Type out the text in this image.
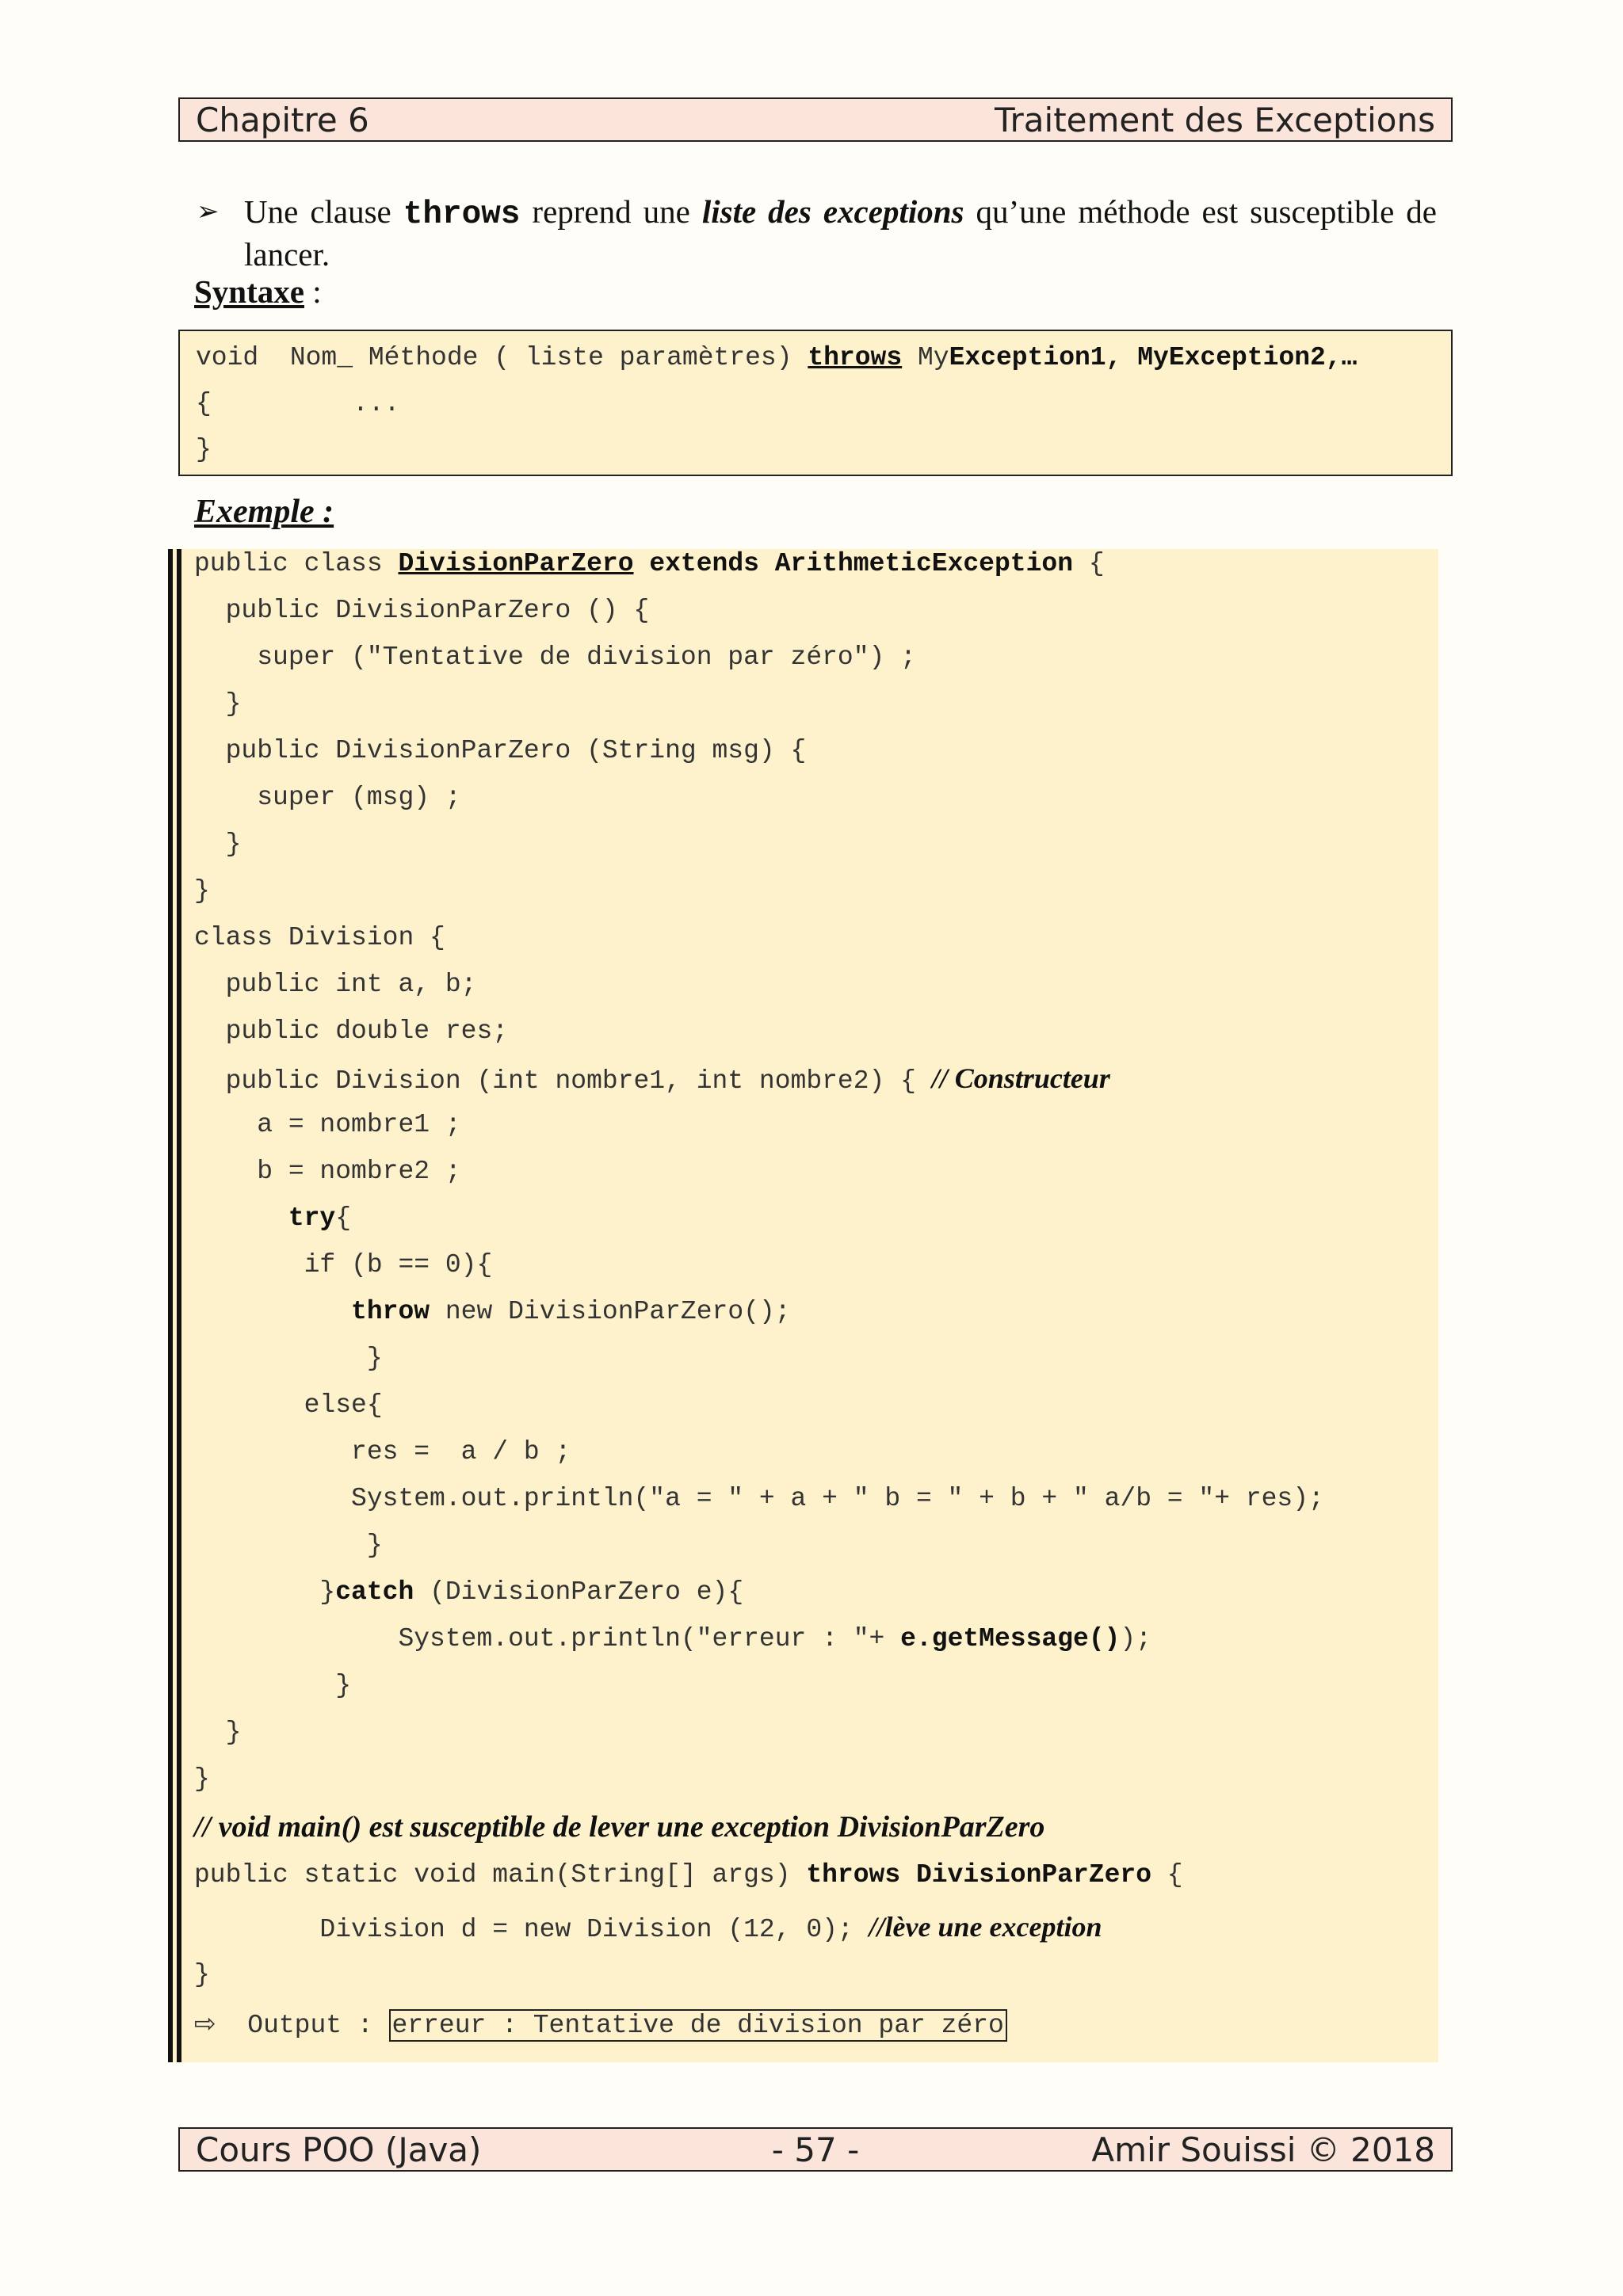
Chapitre 6	Traitement des Exceptions
➢ Une clause throws reprend une liste des exceptions qu’une méthode est susceptible de lancer.
Syntaxe :
void  Nom_ Méthode ( liste paramètres) throws MyException1, MyException2,…
{         ...
}
Exemple :
public class DivisionParZero extends ArithmeticException {
public DivisionParZero () {
super ("Tentative de division par zéro") ;
}
public DivisionParZero (String msg) {
super (msg) ;
}
}
class Division {
public int a, b;
public double res;
public Division (int nombre1, int nombre2) { // Constructeur
a = nombre1 ;
b = nombre2 ;
try{
if (b == 0){
throw new DivisionParZero();
}
else{
res =  a / b ;
System.out.println("a = " + a + " b = " + b + " a/b = "+ res);
}
}catch (DivisionParZero e){
System.out.println("erreur : "+ e.getMessage());
}
}
}
// void main() est susceptible de lever une exception DivisionParZero
public static void main(String[] args) throws DivisionParZero {
Division d = new Division (12, 0); //lève une exception
}
⇨  Output : erreur : Tentative de division par zéro
Cours POO (Java)	- 57 -	Amir Souissi © 2018
